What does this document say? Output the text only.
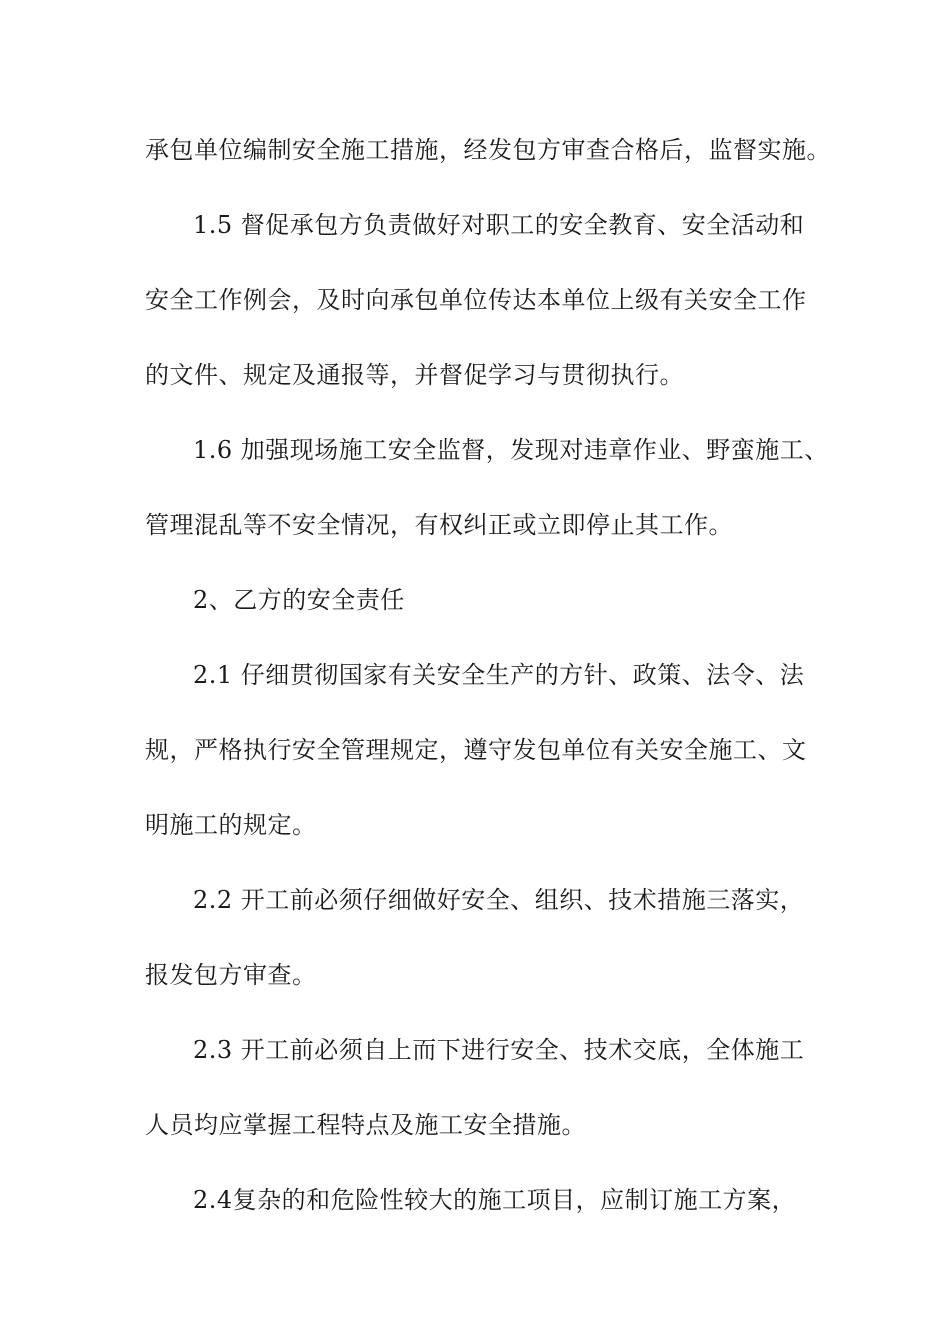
承包单位编制安全施工措施，经发包方审查合格后，监督实施。
1.5 督促承包方负责做好对职工的安全教育、安全活动和
安全工作例会，及时向承包单位传达本单位上级有关安全工作
的文件、规定及通报等，并督促学习与贯彻执行。
1.6 加强现场施工安全监督，发现对违章作业、野蛮施工、
管理混乱等不安全情况，有权纠正或立即停止其工作。
2、乙方的安全责任
2.1 仔细贯彻国家有关安全生产的方针、政策、法令、法
规，严格执行安全管理规定，遵守发包单位有关安全施工、文
明施工的规定。
2.2 开工前必须仔细做好安全、组织、技术措施三落实，
报发包方审查。
2.3 开工前必须自上而下进行安全、技术交底，全体施工
人员均应掌握工程特点及施工安全措施。
2.4复杂的和危险性较大的施工项目，应制订施工方案，
